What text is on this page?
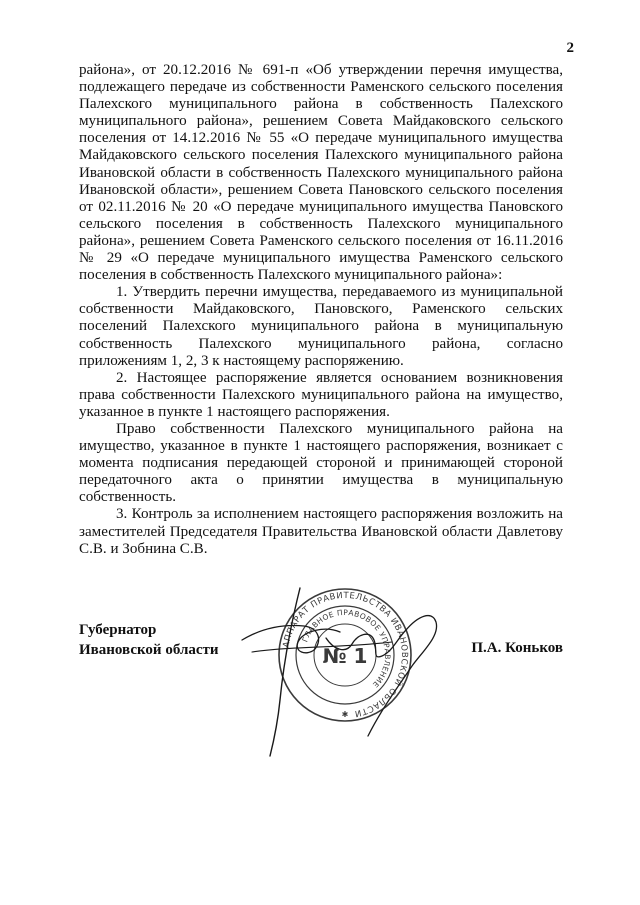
2

района», от 20.12.2016 № 691-п «Об утверждении перечня имущества, подлежащего передаче из собственности Раменского сельского поселения Палехского муниципального района в собственность Палехского муниципального района», решением Совета Майдаковского сельского поселения от 14.12.2016 № 55 «О передаче муниципального имущества Майдаковского сельского поселения Палехского муниципального района Ивановской области в собственность Палехского муниципального района Ивановской области», решением Совета Пановского сельского поселения от 02.11.2016 № 20 «О передаче муниципального имущества Пановского сельского поселения в собственность Палехского муниципального района», решением Совета Раменского сельского поселения от 16.11.2016 № 29 «О передаче муниципального имущества Раменского сельского поселения в собственность Палехского муниципального района»:

1. Утвердить перечни имущества, передаваемого из муниципальной собственности Майдаковского, Пановского, Раменского сельских поселений Палехского муниципального района в муниципальную собственность Палехского муниципального района, согласно приложениям 1, 2, 3 к настоящему распоряжению.

2. Настоящее распоряжение является основанием возникновения права собственности Палехского муниципального района на имущество, указанное в пункте 1 настоящего распоряжения.

Право собственности Палехского муниципального района на имущество, указанное в пункте 1 настоящего распоряжения, возникает с момента подписания передающей стороной и принимающей стороной передаточного акта о принятии имущества в муниципальную собственность.

3. Контроль за исполнением настоящего распоряжения возложить на заместителей Председателя Правительства Ивановской области Давлетову С.В. и Зобнина С.В.

Губернатор
Ивановской области	П.А. Коньков
АППАРАТ ПРАВИТЕЛЬСТВА ИВАНОВСКОЙ ОБЛАСТИ
ГЛАВНОЕ ПРАВОВОЕ УПРАВЛЕНИЕ
№ 1
✱
